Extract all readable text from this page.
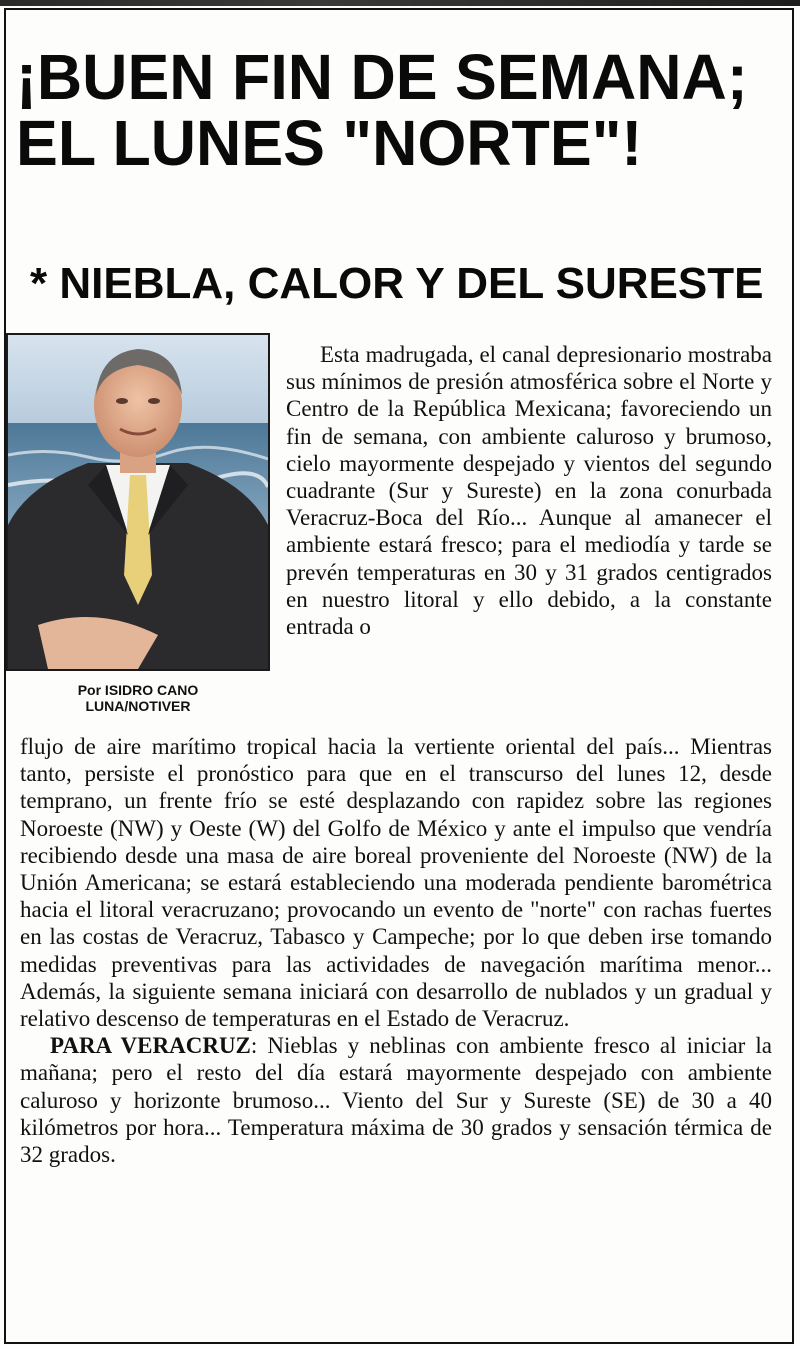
¡BUEN FIN DE SEMANA;
EL LUNES "NORTE"!
* NIEBLA, CALOR Y DEL SURESTE
Por ISIDRO CANO
LUNA/NOTIVER

Esta madrugada, el canal depresionario mostraba sus mínimos de presión atmosférica sobre el Norte y Centro de la República Mexicana; favoreciendo un fin de semana, con ambiente caluroso y brumoso, cielo mayormente despejado y vientos del segundo cuadrante (Sur y Sureste) en la zona conurbada Veracruz-Boca del Río... Aunque al amanecer el ambiente estará fresco; para el mediodía y tarde se prevén temperaturas en 30 y 31 grados centigrados en nuestro litoral y ello debido, a la constante entrada o

flujo de aire marítimo tropical hacia la vertiente oriental del país... Mientras tanto, persiste el pronóstico para que en el transcurso del lunes 12, desde temprano, un frente frío se esté desplazando con rapidez sobre las regiones Noroeste (NW) y Oeste (W) del Golfo de México y ante el impulso que vendría recibiendo desde una masa de aire boreal proveniente del Noroeste (NW) de la Unión Americana; se estará estableciendo una moderada pendiente barométrica hacia el litoral veracruzano; provocando un evento de "norte" con rachas fuertes en las costas de Veracruz, Tabasco y Campeche; por lo que deben irse tomando medidas preventivas para las actividades de navegación marítima menor... Además, la siguiente semana iniciará con desarrollo de nublados y un gradual y relativo descenso de temperaturas en el Estado de Veracruz.

PARA VERACRUZ: Nieblas y neblinas con ambiente fresco al iniciar la mañana; pero el resto del día estará mayormente despejado con ambiente caluroso y horizonte brumoso... Viento del Sur y Sureste (SE) de 30 a 40 kilómetros por hora... Temperatura máxima de 30 grados y sensación térmica de 32 grados.
